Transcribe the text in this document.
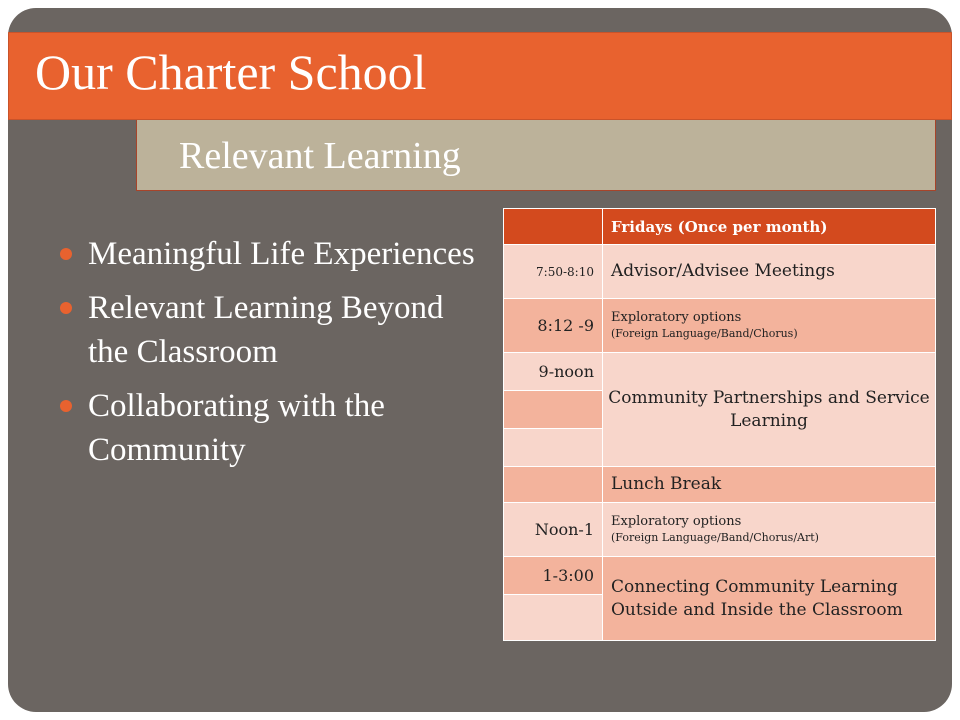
Our Charter School
Relevant Learning
Meaningful Life Experiences
Relevant Learning Beyond the Classroom
Collaborating with the Community
	Fridays (Once per month)
7:50-8:10	Advisor/Advisee Meetings
8:12 -9	Exploratory options
(Foreign Language/Band/Chorus)

9-noon	Community Partnerships and Service Learning

	Lunch Break
Noon-1	Exploratory options
(Foreign Language/Band/Chorus/Art)

1-3:00	Connecting Community Learning Outside and Inside the Classroom
